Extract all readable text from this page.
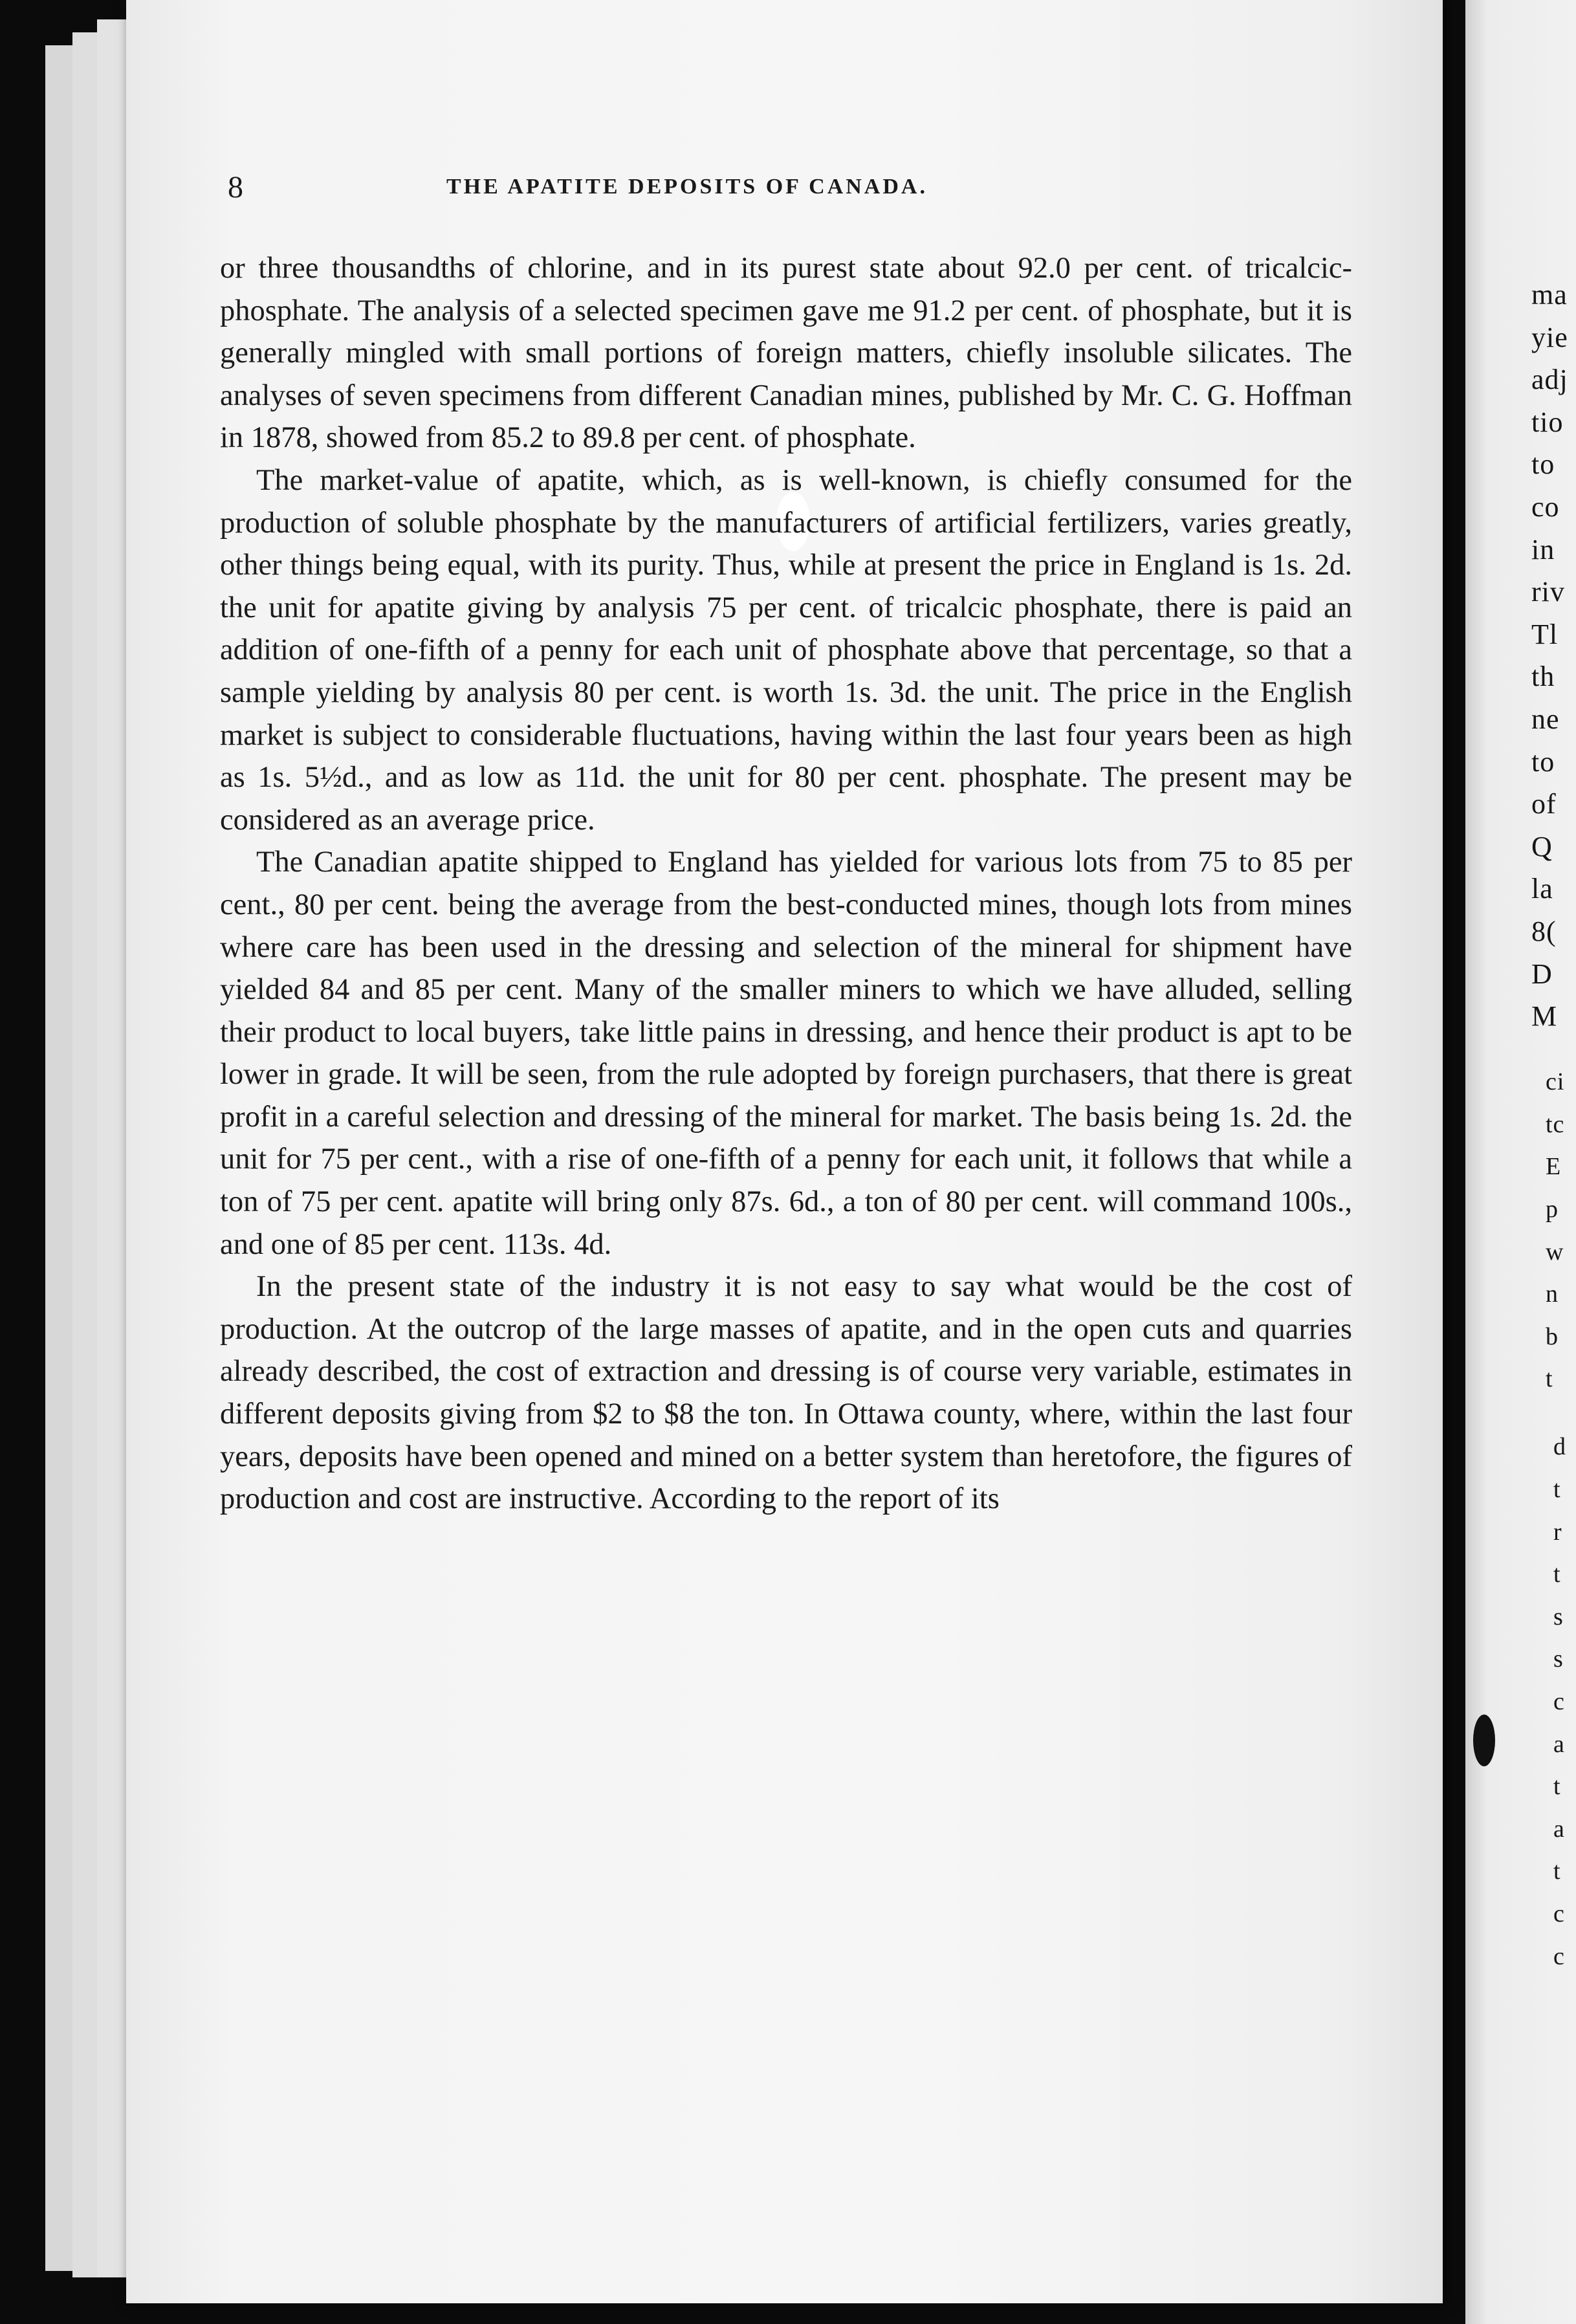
8	THE APATITE DEPOSITS OF CANADA.

or three thousandths of chlorine, and in its purest state about 92.0 per cent. of tricalcic-phosphate. The analysis of a selected specimen gave me 91.2 per cent. of phosphate, but it is generally mingled with small portions of foreign matters, chiefly insoluble silicates. The analyses of seven specimens from different Canadian mines, published by Mr. C. G. Hoffman in 1878, showed from 85.2 to 89.8 per cent. of phosphate.

The market-value of apatite, which, as is well-known, is chiefly consumed for the production of soluble phosphate by the manufacturers of artificial fertilizers, varies greatly, other things being equal, with its purity. Thus, while at present the price in England is 1s. 2d. the unit for apatite giving by analysis 75 per cent. of tricalcic phosphate, there is paid an addition of one-fifth of a penny for each unit of phosphate above that percentage, so that a sample yielding by analysis 80 per cent. is worth 1s. 3d. the unit. The price in the English market is subject to considerable fluctuations, having within the last four years been as high as 1s. 5½d., and as low as 11d. the unit for 80 per cent. phosphate. The present may be considered as an average price.

The Canadian apatite shipped to England has yielded for various lots from 75 to 85 per cent., 80 per cent. being the average from the best-conducted mines, though lots from mines where care has been used in the dressing and selection of the mineral for shipment have yielded 84 and 85 per cent. Many of the smaller miners to which we have alluded, selling their product to local buyers, take little pains in dressing, and hence their product is apt to be lower in grade. It will be seen, from the rule adopted by foreign purchasers, that there is great profit in a careful selection and dressing of the mineral for market. The basis being 1s. 2d. the unit for 75 per cent., with a rise of one-fifth of a penny for each unit, it follows that while a ton of 75 per cent. apatite will bring only 87s. 6d., a ton of 80 per cent. will command 100s., and one of 85 per cent. 113s. 4d.

In the present state of the industry it is not easy to say what would be the cost of production. At the outcrop of the large masses of apatite, and in the open cuts and quarries already described, the cost of extraction and dressing is of course very variable, estimates in different deposits giving from $2 to $8 the ton. In Ottawa county, where, within the last four years, deposits have been opened and mined on a better system than heretofore, the figures of production and cost are instructive. According to the report of its

ma
yie
adj
tio
to
co
in
riv
Tl
th
ne
to
of
Q
la
8(
D
M
ci
tc
E
p
w
n
b
t
d
t
r
t
s
s
c
a
t
a
t
c
c
